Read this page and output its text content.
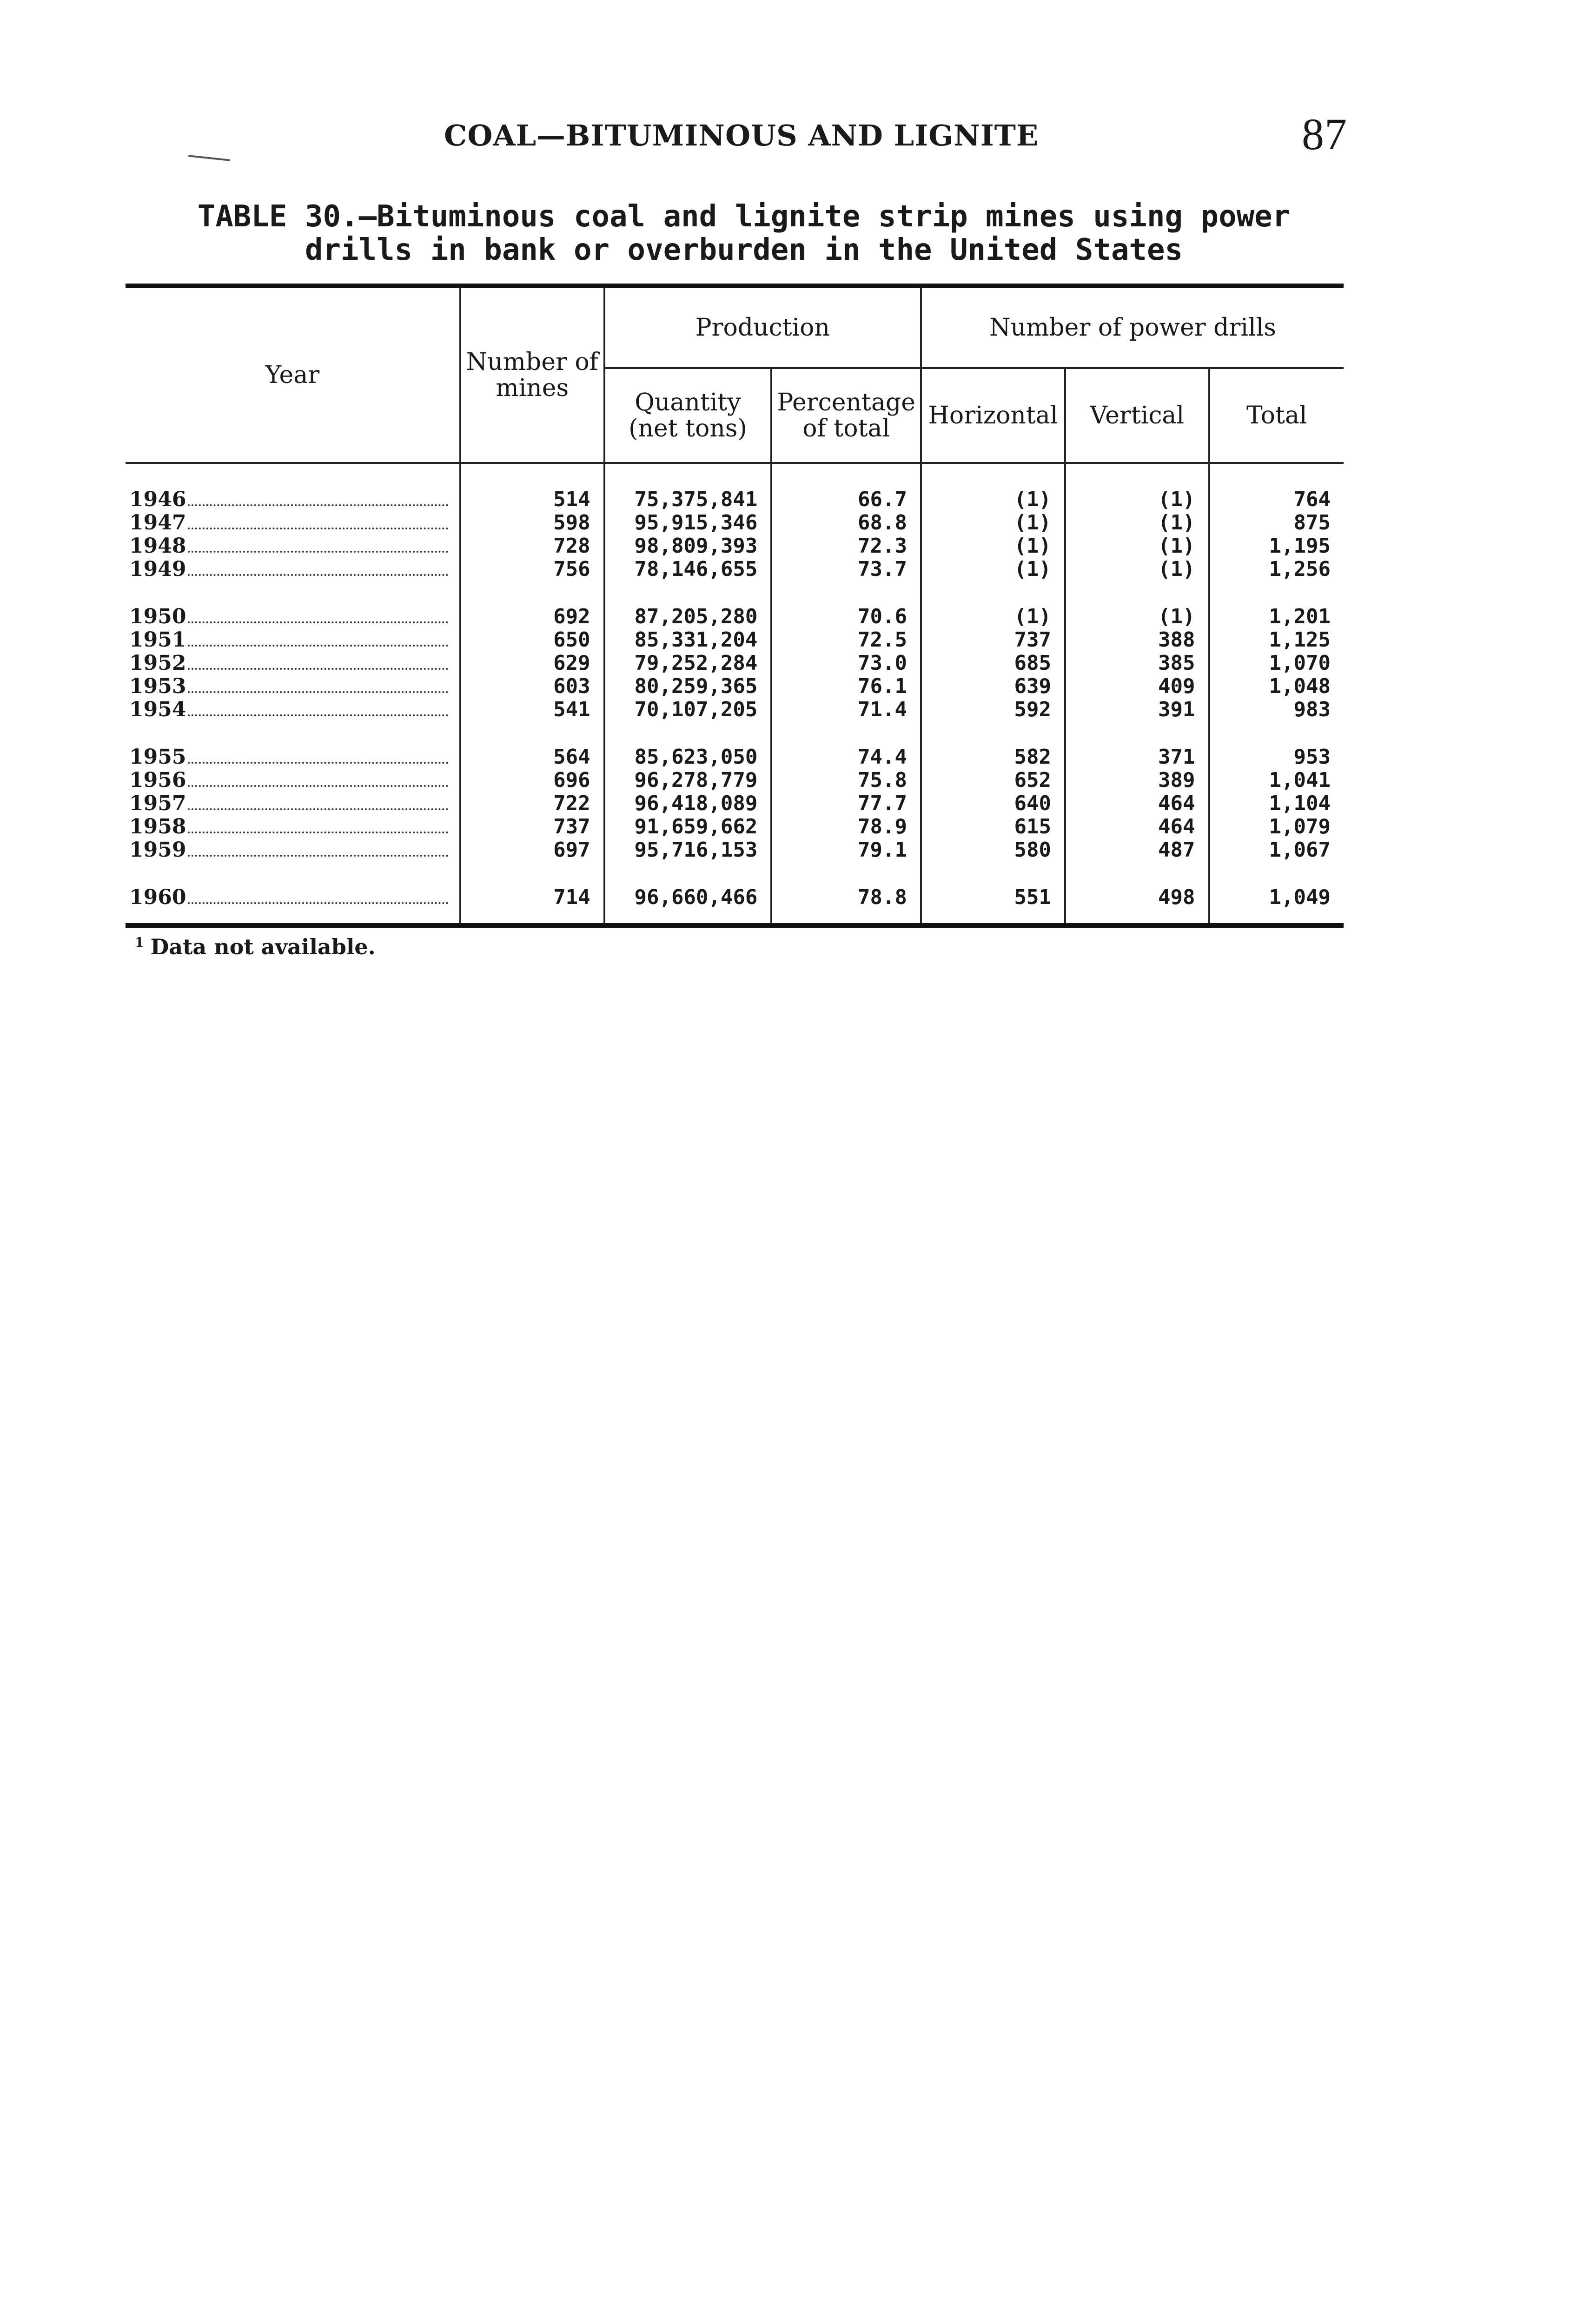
COAL—BITUMINOUS AND LIGNITE	87
TABLE 30.—Bituminous coal and lignite strip mines using power drills in bank or overburden in the United States
Year	Number of mines	Production		Number of power drills		
		Quantity (net tons)	Percentage of total	Horizontal	Vertical	Total

1946	514	75,375,841	66.7	(1)	(1)	764
1947	598	95,915,346	68.8	(1)	(1)	875
1948	728	98,809,393	72.3	(1)	(1)	1,195
1949	756	78,146,655	73.7	(1)	(1)	1,256

1950	692	87,205,280	70.6	(1)	(1)	1,201
1951	650	85,331,204	72.5	737	388	1,125
1952	629	79,252,284	73.0	685	385	1,070
1953	603	80,259,365	76.1	639	409	1,048
1954	541	70,107,205	71.4	592	391	983

1955	564	85,623,050	74.4	582	371	953
1956	696	96,278,779	75.8	652	389	1,041
1957	722	96,418,089	77.7	640	464	1,104
1958	737	91,659,662	78.9	615	464	1,079
1959	697	95,716,153	79.1	580	487	1,067

1960	714	96,660,466	78.8	551	498	1,049

$^1$ Data not available.
